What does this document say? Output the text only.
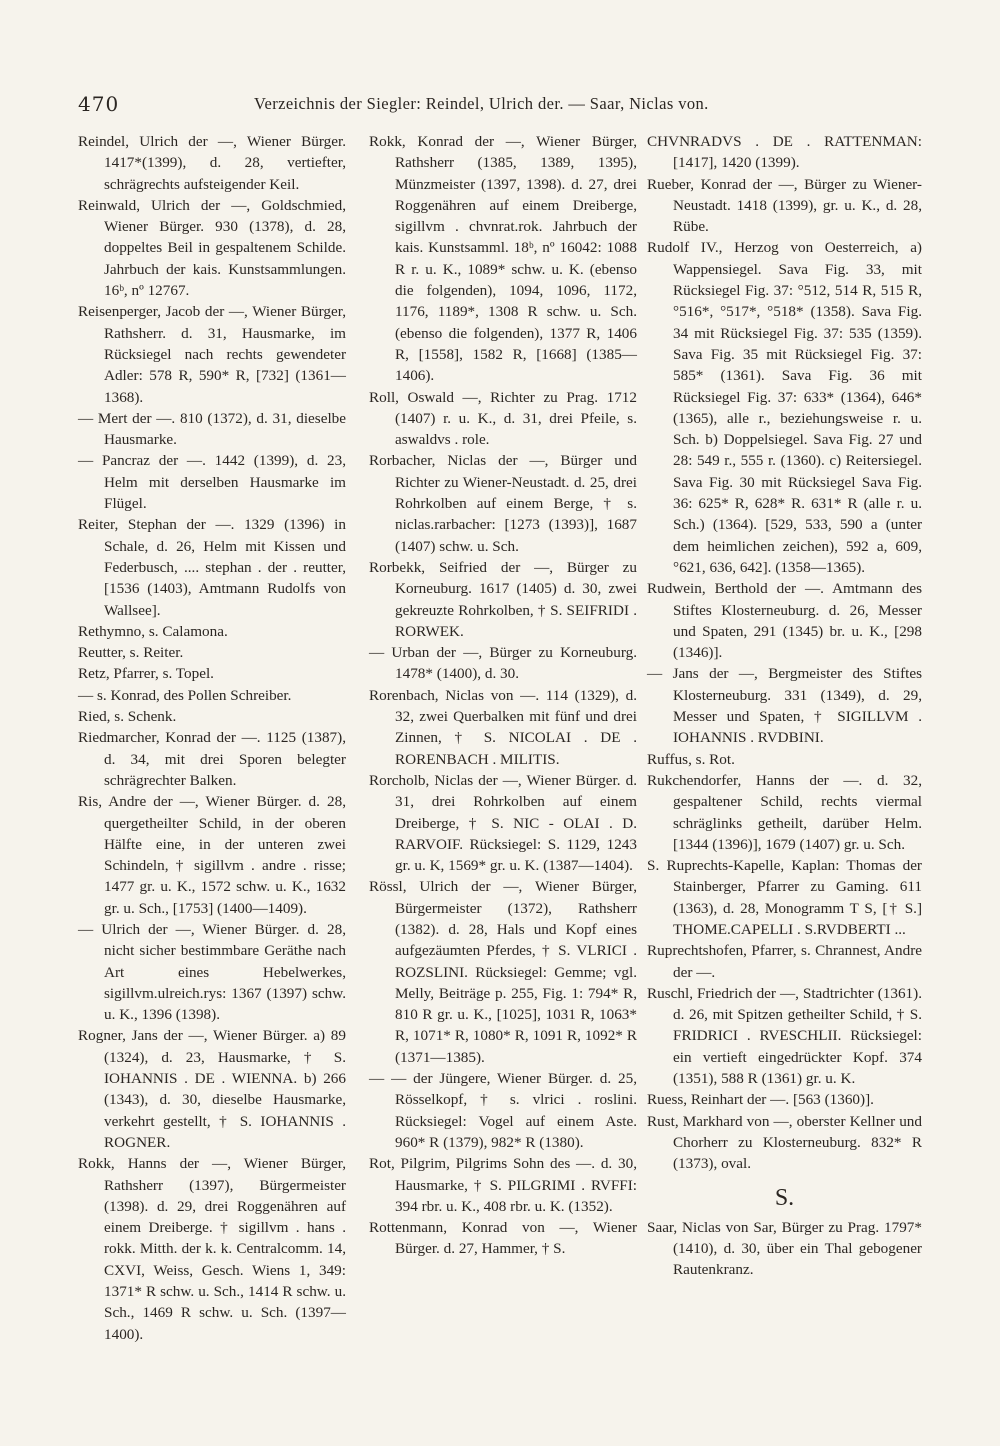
470	Verzeichnis der Siegler: Reindel, Ulrich der. — Saar, Niclas von.

Reindel, Ulrich der —, Wiener Bürger. 1417*(1399), d. 28, vertiefter, schrägrechts aufsteigender Keil.

Reinwald, Ulrich der —, Goldschmied, Wiener Bürger. 930 (1378), d. 28, doppeltes Beil in gespaltenem Schilde. Jahrbuch der kais. Kunstsammlungen. 16ᵇ, nº 12767.

Reisenperger, Jacob der —, Wiener Bürger, Rathsherr. d. 31, Hausmarke, im Rücksiegel nach rechts gewendeter Adler: 578 R, 590* R, [732] (1361—1368).

— Mert der —. 810 (1372), d. 31, dieselbe Hausmarke.

— Pancraz der —. 1442 (1399), d. 23, Helm mit derselben Hausmarke im Flügel.

Reiter, Stephan der —. 1329 (1396) in Schale, d. 26, Helm mit Kissen und Federbusch, .... stephan . der . reutter, [1536 (1403), Amtmann Rudolfs von Wallsee].

Rethymno, s. Calamona.

Reutter, s. Reiter.

Retz, Pfarrer, s. Topel.

— s. Konrad, des Pollen Schreiber.

Ried, s. Schenk.

Riedmarcher, Konrad der —. 1125 (1387), d. 34, mit drei Sporen belegter schrägrechter Balken.

Ris, Andre der —, Wiener Bürger. d. 28, quergetheilter Schild, in der oberen Hälfte eine, in der unteren zwei Schindeln, † sigillvm . andre . risse; 1477 gr. u. K., 1572 schw. u. K., 1632 gr. u. Sch., [1753] (1400—1409).

— Ulrich der —, Wiener Bürger. d. 28, nicht sicher bestimmbare Geräthe nach Art eines Hebelwerkes, sigillvm.ulreich.rys: 1367 (1397) schw. u. K., 1396 (1398).

Rogner, Jans der —, Wiener Bürger. a) 89 (1324), d. 23, Hausmarke, † S. IOHANNIS . DE . WIENNA. b) 266 (1343), d. 30, dieselbe Hausmarke, verkehrt gestellt, † S. IOHANNIS . ROGNER.

Rokk, Hanns der —, Wiener Bürger, Rathsherr (1397), Bürgermeister (1398). d. 29, drei Roggenähren auf einem Dreiberge. † sigillvm . hans . rokk. Mitth. der k. k. Centralcomm. 14, CXVI, Weiss, Gesch. Wiens 1, 349: 1371* R schw. u. Sch., 1414 R schw. u. Sch., 1469 R schw. u. Sch. (1397—1400).

Rokk, Konrad der —, Wiener Bürger, Rathsherr (1385, 1389, 1395), Münzmeister (1397, 1398). d. 27, drei Roggenähren auf einem Dreiberge, sigillvm . chvnrat.rok. Jahrbuch der kais. Kunstsamml. 18ᵇ, nº 16042: 1088 R r. u. K., 1089* schw. u. K. (ebenso die folgenden), 1094, 1096, 1172, 1176, 1189*, 1308 R schw. u. Sch.(ebenso die folgenden), 1377 R, 1406 R, [1558], 1582 R, [1668] (1385—1406).

Roll, Oswald —, Richter zu Prag. 1712 (1407) r. u. K., d. 31, drei Pfeile, s. aswaldvs . role.

Rorbacher, Niclas der —, Bürger und Richter zu Wiener-Neustadt. d. 25, drei Rohrkolben auf einem Berge, † s. niclas.rarbacher: [1273 (1393)], 1687 (1407) schw. u. Sch.

Rorbekk, Seifried der —, Bürger zu Korneuburg. 1617 (1405) d. 30, zwei gekreuzte Rohrkolben, † S. SEIFRIDI . RORWEK.

— Urban der —, Bürger zu Korneuburg. 1478* (1400), d. 30.

Rorenbach, Niclas von —. 114 (1329), d. 32, zwei Querbalken mit fünf und drei Zinnen, † S. NICOLAI . DE . RORENBACH . MILITIS.

Rorcholb, Niclas der —, Wiener Bürger. d. 31, drei Rohrkolben auf einem Dreiberge, † S. NIC - OLAI . D. RARVOIF. Rücksiegel: S. 1129, 1243 gr. u. K, 1569* gr. u. K. (1387—1404).

Rössl, Ulrich der —, Wiener Bürger, Bürgermeister (1372), Rathsherr (1382). d. 28, Hals und Kopf eines aufgezäumten Pferdes, † S. VLRICI . ROZSLINI. Rücksiegel: Gemme; vgl. Melly, Beiträge p. 255, Fig. 1: 794* R, 810 R gr. u. K., [1025], 1031 R, 1063* R, 1071* R, 1080* R, 1091 R, 1092* R (1371—1385).

— — der Jüngere, Wiener Bürger. d. 25, Rösselkopf, † s. vlrici . roslini. Rücksiegel: Vogel auf einem Aste. 960* R (1379), 982* R (1380).

Rot, Pilgrim, Pilgrims Sohn des —. d. 30, Hausmarke, † S. PILGRIMI . RVFFI: 394 rbr. u. K., 408 rbr. u. K. (1352).

Rottenmann, Konrad von —, Wiener Bürger. d. 27, Hammer, † S.

CHVNRADVS . DE . RATTENMAN: [1417], 1420 (1399).

Rueber, Konrad der —, Bürger zu Wiener-Neustadt. 1418 (1399), gr. u. K., d. 28, Rübe.

Rudolf IV., Herzog von Oesterreich, a) Wappensiegel. Sava Fig. 33, mit Rücksiegel Fig. 37: °512, 514 R, 515 R, °516*, °517*, °518* (1358). Sava Fig. 34 mit Rücksiegel Fig. 37: 535 (1359). Sava Fig. 35 mit Rücksiegel Fig. 37: 585* (1361). Sava Fig. 36 mit Rücksiegel Fig. 37: 633* (1364), 646* (1365), alle r., beziehungsweise r. u. Sch. b) Doppelsiegel. Sava Fig. 27 und 28: 549 r., 555 r. (1360). c) Reitersiegel. Sava Fig. 30 mit Rücksiegel Sava Fig. 36: 625* R, 628* R. 631* R (alle r. u. Sch.) (1364). [529, 533, 590 a (unter dem heimlichen zeichen), 592 a, 609, °621, 636, 642]. (1358—1365).

Rudwein, Berthold der —. Amtmann des Stiftes Klosterneuburg. d. 26, Messer und Spaten, 291 (1345) br. u. K., [298 (1346)].

— Jans der —, Bergmeister des Stiftes Klosterneuburg. 331 (1349), d. 29, Messer und Spaten, † SIGILLVM . IOHANNIS . RVDBINI.

Ruffus, s. Rot.

Rukchendorfer, Hanns der —. d. 32, gespaltener Schild, rechts viermal schräglinks getheilt, darüber Helm. [1344 (1396)], 1679 (1407) gr. u. Sch.

S. Ruprechts-Kapelle, Kaplan: Thomas der Stainberger, Pfarrer zu Gaming. 611 (1363), d. 28, Monogramm T S, [† S.] THOME.CAPELLI . S.RVDBERTI ...

Ruprechtshofen, Pfarrer, s. Chrannest, Andre der —.

Ruschl, Friedrich der —, Stadtrichter (1361). d. 26, mit Spitzen getheilter Schild, † S. FRIDRICI . RVESCHLII. Rücksiegel: ein vertieft eingedrückter Kopf. 374 (1351), 588 R (1361) gr. u. K.

Ruess, Reinhart der —. [563 (1360)].

Rust, Markhard von —, oberster Kellner und Chorherr zu Klosterneuburg. 832* R (1373), oval.

S.

Saar, Niclas von Sar, Bürger zu Prag. 1797* (1410), d. 30, über ein Thal gebogener Rautenkranz.
